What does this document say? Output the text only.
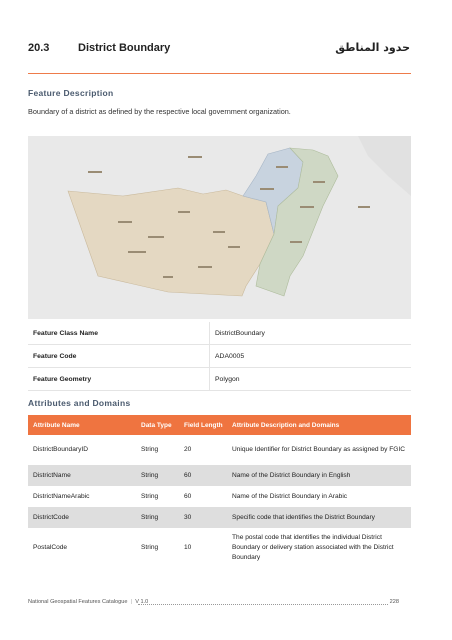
20.3	District Boundary	حدود المناطق
Feature Description
Boundary of a district as defined by the respective local government organization.
Feature Class Name	DistrictBoundary
Feature Code	ADA0005
Feature Geometry	Polygon
Attributes and Domains
Attribute Name	Data Type	Field Length	Attribute Description and Domains
DistrictBoundaryID	String	20	Unique Identifier for District Boundary as assigned by FGIC
DistrictName	String	60	Name of the District Boundary in English
DistrictNameArabic	String	60	Name of the District Boundary in Arabic
DistrictCode	String	30	Specific code that identifies the District Boundary
PostalCode	String	10	The postal code that identifies the individual District Boundary or delivery station associated with the District Boundary
National Geospatial Features Catalogue  |  V 1.0	228
